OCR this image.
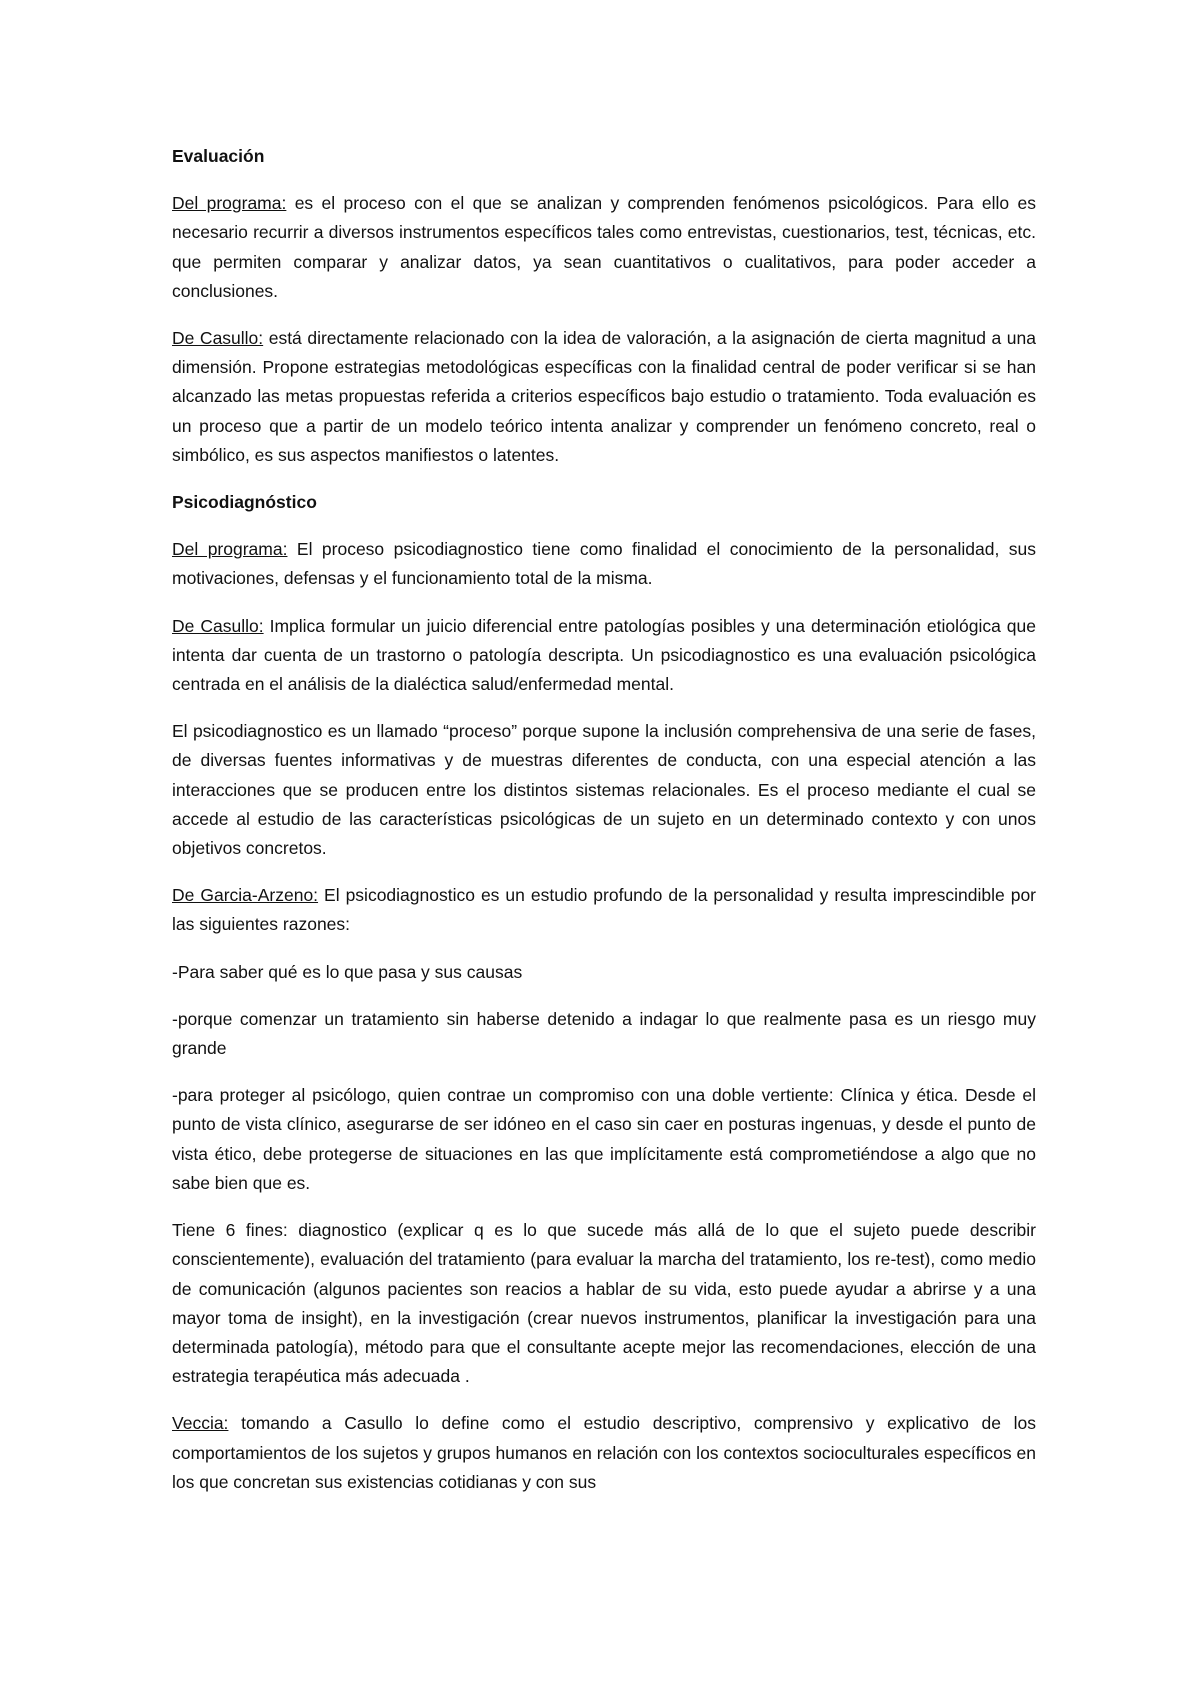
Evaluación

Del programa: es el proceso con el que se analizan y comprenden fenómenos psicológicos. Para ello es necesario recurrir a diversos instrumentos específicos tales como entrevistas, cuestionarios, test, técnicas, etc. que permiten comparar y analizar datos, ya sean cuantitativos o cualitativos, para poder acceder a conclusiones.

De Casullo: está directamente relacionado con la idea de valoración, a la asignación de cierta magnitud a una dimensión. Propone estrategias metodológicas específicas con la finalidad central de poder verificar si se han alcanzado las metas propuestas referida a criterios específicos bajo estudio o tratamiento. Toda evaluación es un proceso que a partir de un modelo teórico intenta analizar y comprender un fenómeno concreto, real o simbólico, es sus aspectos manifiestos o latentes.

Psicodiagnóstico

Del programa: El proceso psicodiagnostico tiene como finalidad el conocimiento de la personalidad, sus motivaciones, defensas y el funcionamiento total de la misma.

De Casullo: Implica formular un juicio diferencial entre patologías posibles y una determinación etiológica que intenta dar cuenta de un trastorno o patología descripta. Un psicodiagnostico es una evaluación psicológica centrada en el análisis de la dialéctica salud/enfermedad mental.

El psicodiagnostico es un llamado “proceso” porque supone la inclusión comprehensiva de una serie de fases, de diversas fuentes informativas y de muestras diferentes de conducta, con una especial atención a las interacciones que se producen entre los distintos sistemas relacionales. Es el proceso mediante el cual se accede al estudio de las características psicológicas de un sujeto en un determinado contexto y con unos objetivos concretos.

De Garcia-Arzeno: El psicodiagnostico es un estudio profundo de la personalidad y resulta imprescindible por las siguientes razones:

-Para saber qué es lo que pasa y sus causas

-porque comenzar un tratamiento sin haberse detenido a indagar lo que realmente pasa es un riesgo muy grande

-para proteger al psicólogo, quien contrae un compromiso con una doble vertiente: Clínica y ética. Desde el punto de vista clínico, asegurarse de ser idóneo en el caso sin caer en posturas ingenuas, y desde el punto de vista ético, debe protegerse de situaciones en las que implícitamente está comprometiéndose a algo que no sabe bien que es.

Tiene 6 fines: diagnostico (explicar q es lo que sucede más allá de lo que el sujeto puede describir conscientemente), evaluación del tratamiento (para evaluar la marcha del tratamiento, los re-test), como medio de comunicación (algunos pacientes son reacios a hablar de su vida, esto puede ayudar a abrirse y a una mayor toma de insight), en la investigación (crear nuevos instrumentos, planificar la investigación para una determinada patología), método para que el consultante acepte mejor las recomendaciones, elección de una estrategia terapéutica más adecuada .

Veccia: tomando a Casullo lo define como el estudio descriptivo, comprensivo y explicativo de los comportamientos de los sujetos y grupos humanos en relación con los contextos socioculturales específicos en los que concretan sus existencias cotidianas y con sus
